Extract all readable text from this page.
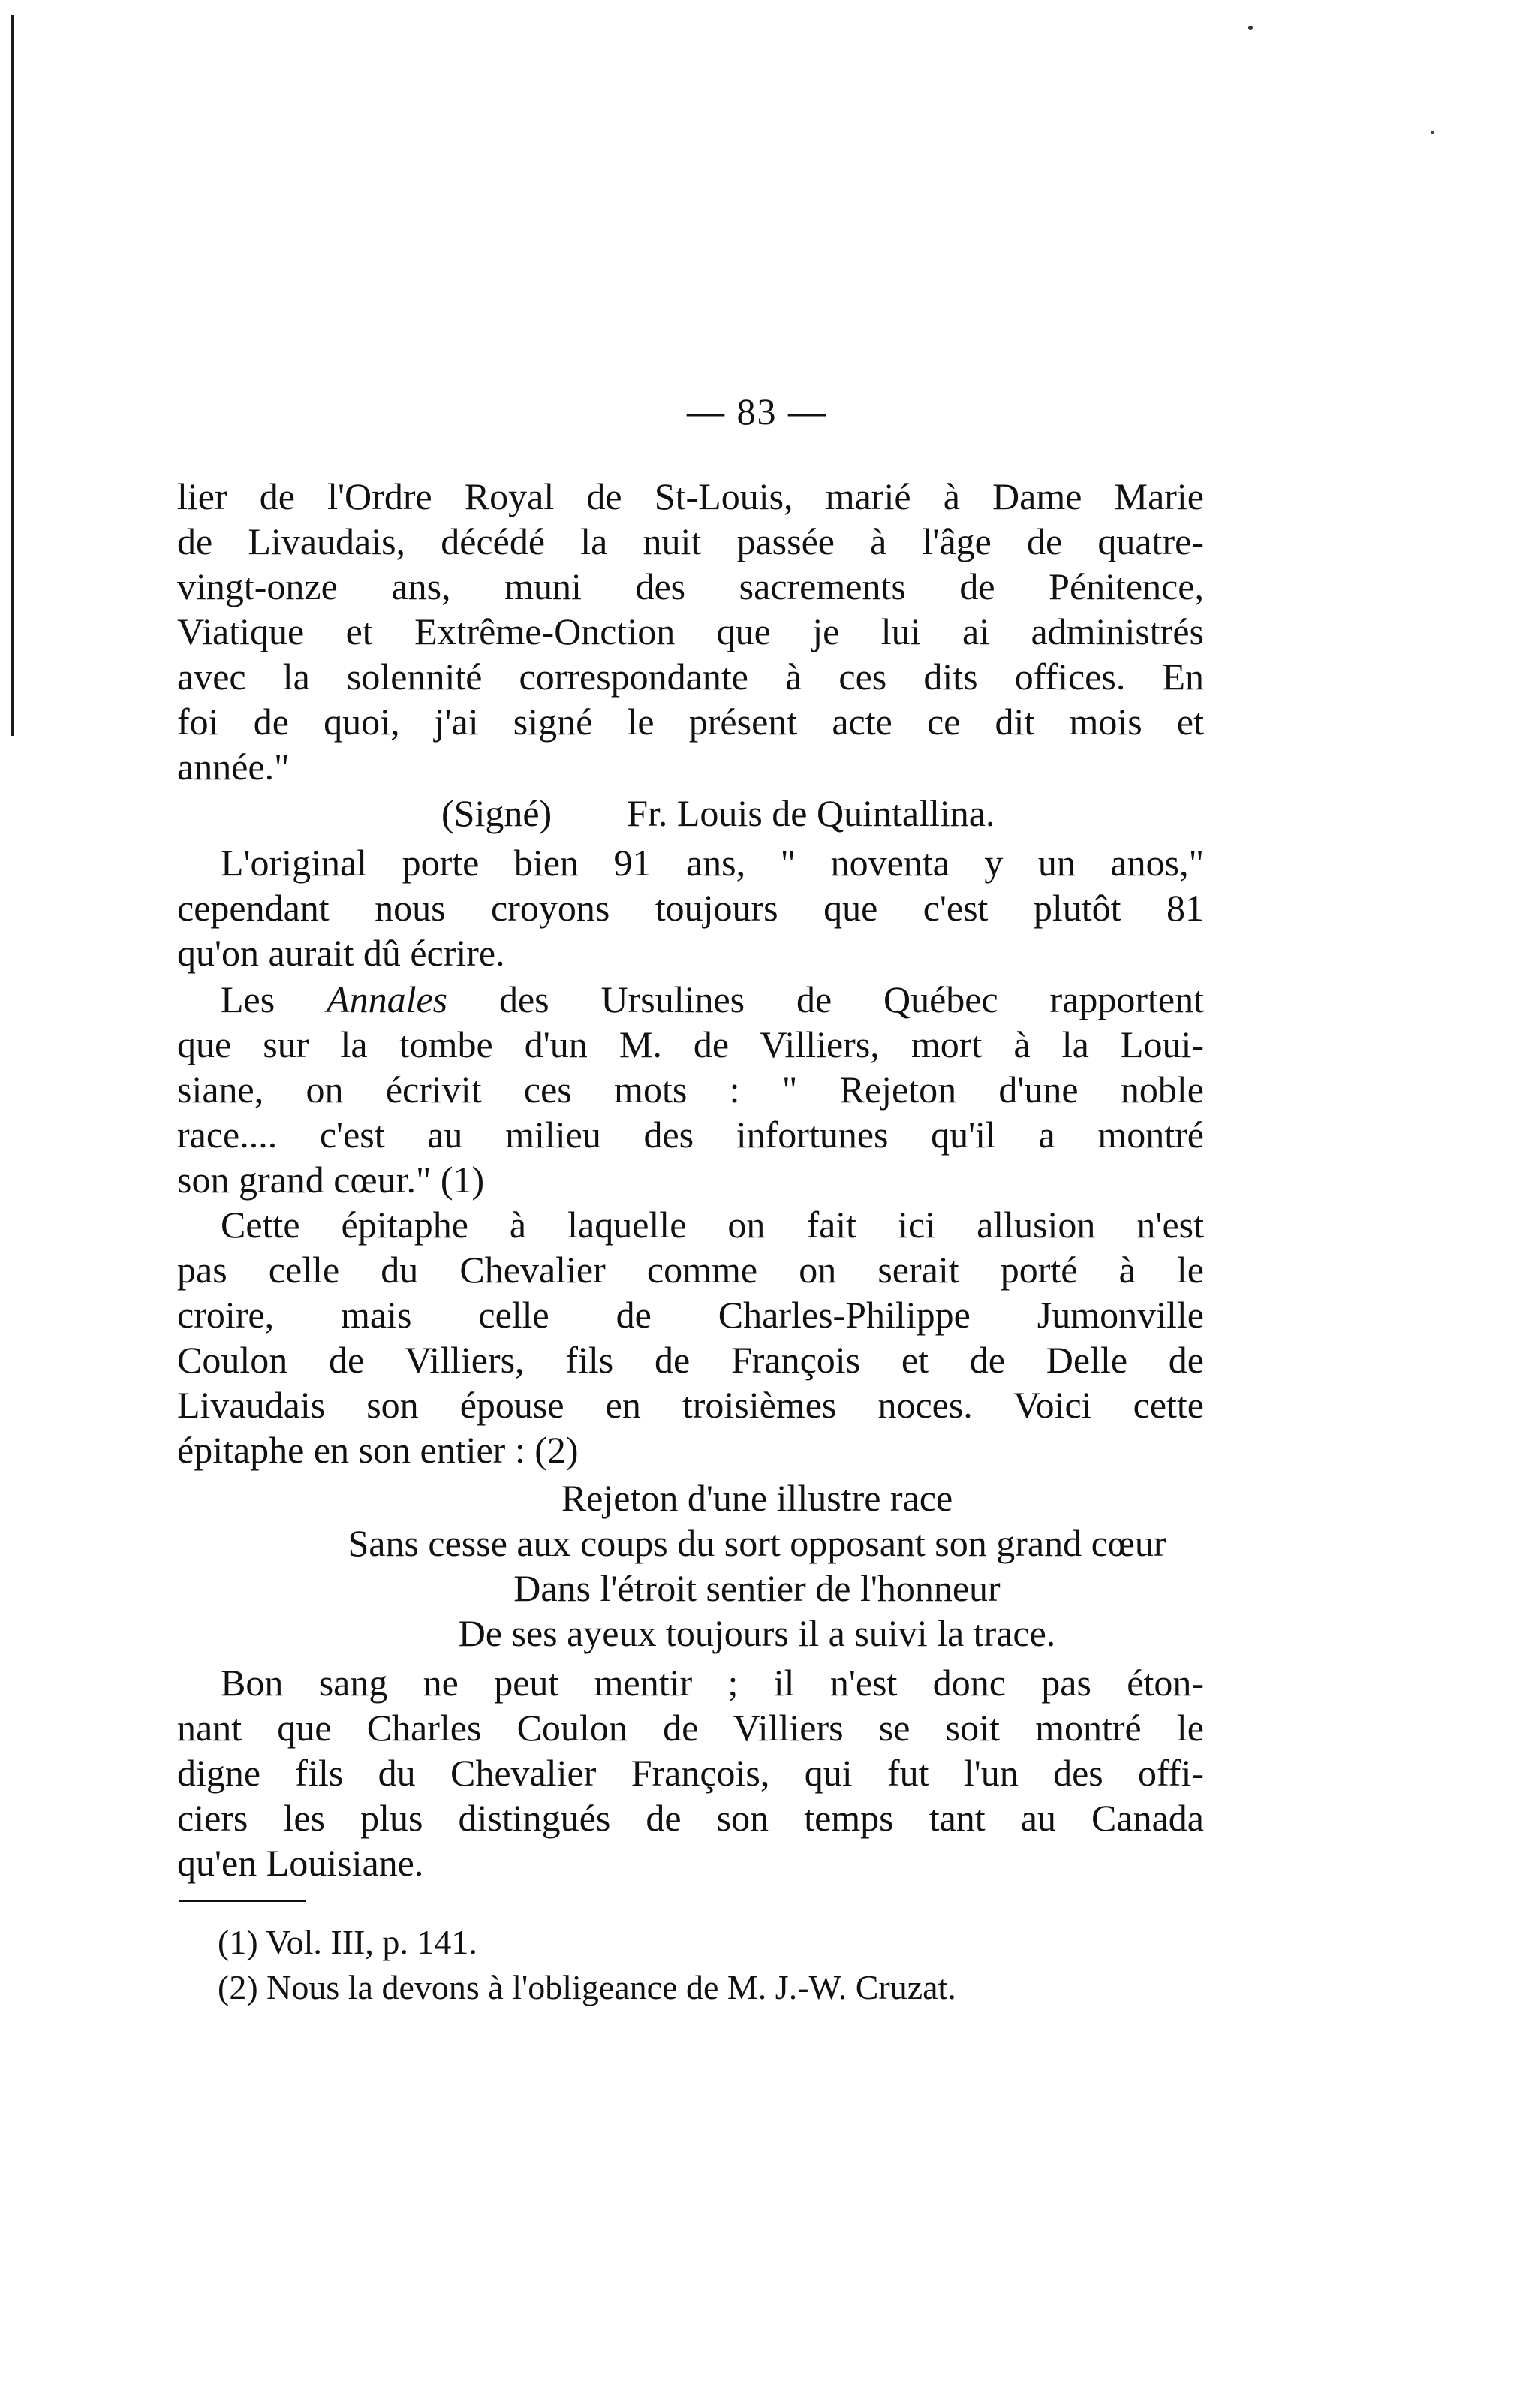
— 83 —
lier de l'Ordre Royal de St-Louis, marié à Dame Marie
de Livaudais, décédé la nuit passée à l'âge de quatre-
vingt-onze ans, muni des sacrements de Pénitence,
Viatique et Extrême-Onction que je lui ai administrés
avec la solennité correspondante à ces dits offices. En
foi de quoi, j'ai signé le présent acte ce dit mois et
année."
(Signé)        Fr. Louis de Quintallina.
L'original porte bien 91 ans, " noventa y un anos,"
cependant nous croyons toujours que c'est plutôt 81
qu'on aurait dû écrire.
Les Annales des Ursulines de Québec rapportent
que sur la tombe d'un M. de Villiers, mort à la Loui-
siane, on écrivit ces mots : " Rejeton d'une noble
race.... c'est au milieu des infortunes qu'il a montré
son grand cœur." (1)
Cette épitaphe à laquelle on fait ici allusion n'est
pas celle du Chevalier comme on serait porté à le
croire, mais celle de Charles-Philippe Jumonville
Coulon de Villiers, fils de François et de Delle de
Livaudais son épouse en troisièmes noces. Voici cette
épitaphe en son entier : (2)
Rejeton d'une illustre race
Sans cesse aux coups du sort opposant son grand cœur
Dans l'étroit sentier de l'honneur
De ses ayeux toujours il a suivi la trace.
Bon sang ne peut mentir ; il n'est donc pas éton-
nant que Charles Coulon de Villiers se soit montré le
digne fils du Chevalier François, qui fut l'un des offi-
ciers les plus distingués de son temps tant au Canada
qu'en Louisiane.
(1) Vol. III, p. 141.
(2) Nous la devons à l'obligeance de M. J.-W. Cruzat.
